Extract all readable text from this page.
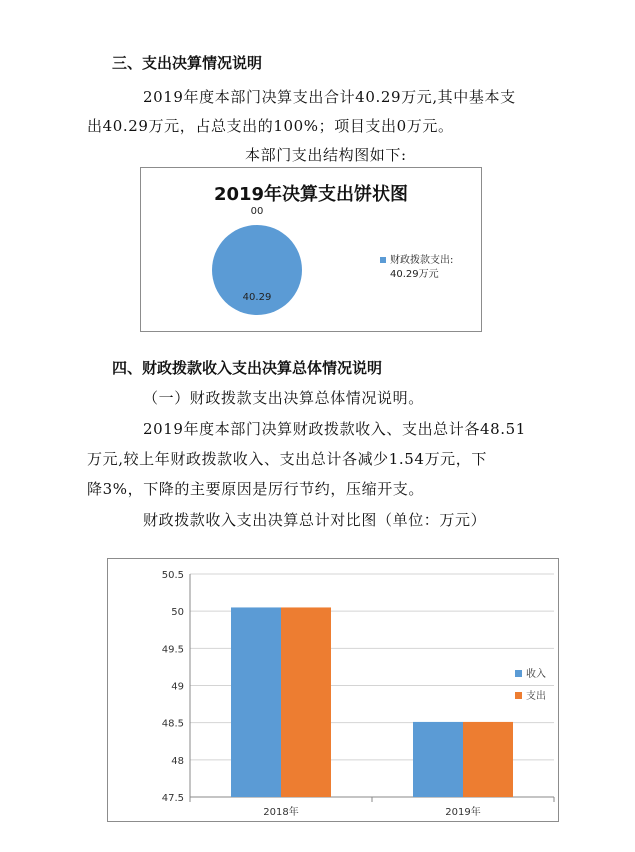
三、支出决算情况说明
2019年度本部门决算支出合计40.29万元,其中基本支
出40.29万元，占总支出的100%；项目支出0万元。
本部门支出结构图如下:
40.29
00
财政拨款支出:
40.29万元
2019年决算支出饼状图
四、财政拨款收入支出决算总体情况说明
（一）财政拨款支出决算总体情况说明。
2019年度本部门决算财政拨款收入、支出总计各48.51
万元,较上年财政拨款收入、支出总计各减少1.54万元，下
降3%，下降的主要原因是厉行节约，压缩开支。
财政拨款收入支出决算总计对比图（单位：万元）
47.5
48
48.5
49
49.5
50
50.5
2018年	2019年
收入
支出
